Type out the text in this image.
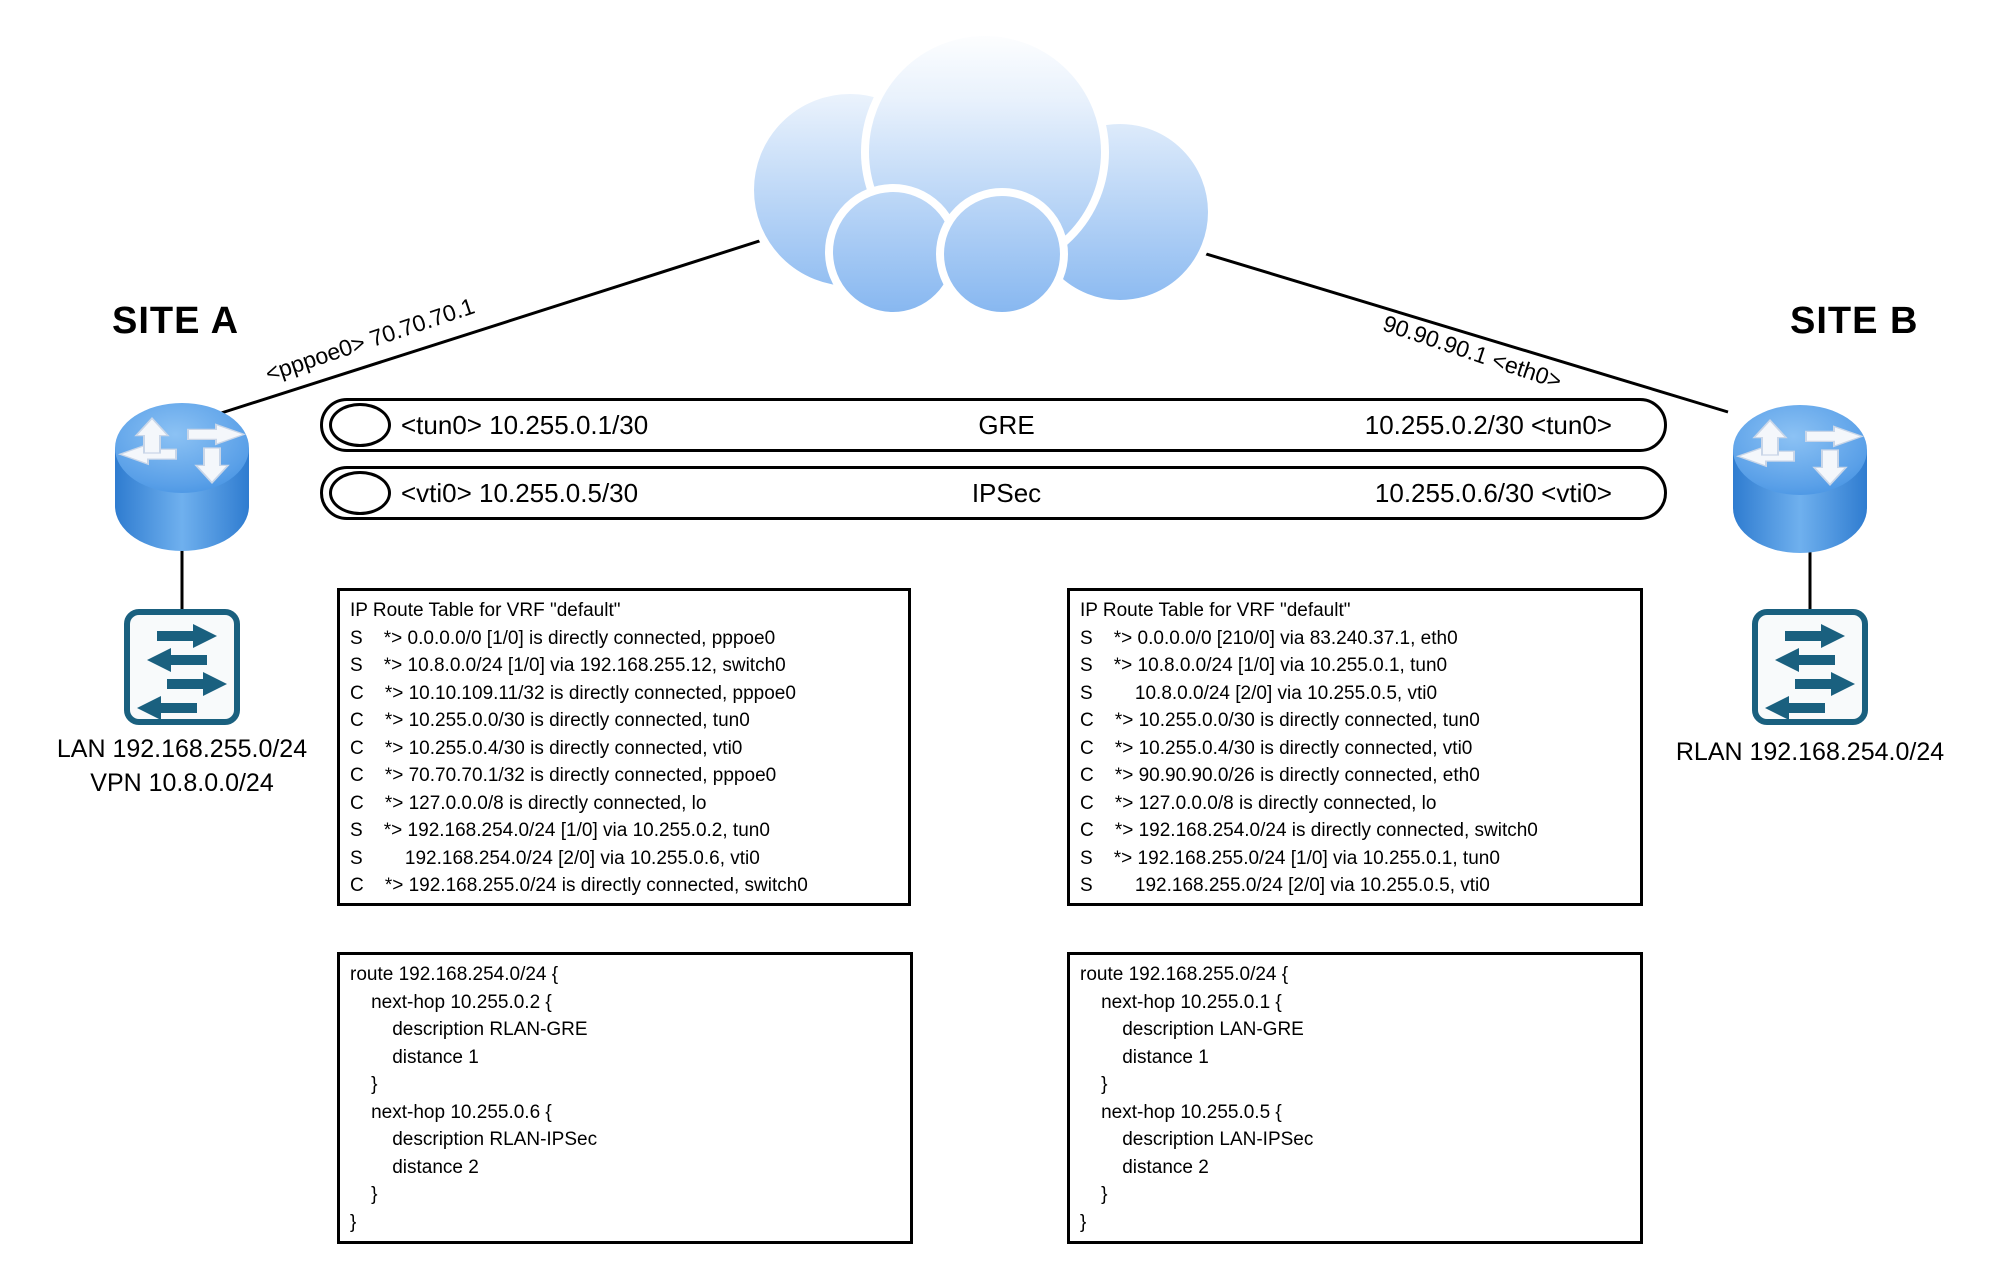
SITE A	SITE B
<pppoe0> 70.70.70.1	90.90.90.1 <eth0>
<tun0> 10.255.0.1/30	GRE	10.255.0.2/30 <tun0>
<vti0> 10.255.0.5/30	IPSec	10.255.0.6/30 <vti0>
IP Route Table for VRF "default"
S    *> 0.0.0.0/0 [1/0] is directly connected, pppoe0
S    *> 10.8.0.0/24 [1/0] via 192.168.255.12, switch0
C    *> 10.10.109.11/32 is directly connected, pppoe0
C    *> 10.255.0.0/30 is directly connected, tun0
C    *> 10.255.0.4/30 is directly connected, vti0
C    *> 70.70.70.1/32 is directly connected, pppoe0
C    *> 127.0.0.0/8 is directly connected, lo
S    *> 192.168.254.0/24 [1/0] via 10.255.0.2, tun0
S        192.168.254.0/24 [2/0] via 10.255.0.6, vti0
C    *> 192.168.255.0/24 is directly connected, switch0
IP Route Table for VRF "default"
S    *> 0.0.0.0/0 [210/0] via 83.240.37.1, eth0
S    *> 10.8.0.0/24 [1/0] via 10.255.0.1, tun0
S        10.8.0.0/24 [2/0] via 10.255.0.5, vti0
C    *> 10.255.0.0/30 is directly connected, tun0
C    *> 10.255.0.4/30 is directly connected, vti0
C    *> 90.90.90.0/26 is directly connected, eth0
C    *> 127.0.0.0/8 is directly connected, lo
C    *> 192.168.254.0/24 is directly connected, switch0
S    *> 192.168.255.0/24 [1/0] via 10.255.0.1, tun0
S        192.168.255.0/24 [2/0] via 10.255.0.5, vti0
route 192.168.254.0/24 {
next-hop 10.255.0.2 {
description RLAN-GRE
distance 1
}
next-hop 10.255.0.6 {
description RLAN-IPSec
distance 2
}
}
route 192.168.255.0/24 {
next-hop 10.255.0.1 {
description LAN-GRE
distance 1
}
next-hop 10.255.0.5 {
description LAN-IPSec
distance 2
}
}
LAN 192.168.255.0/24
VPN 10.8.0.0/24
RLAN 192.168.254.0/24
